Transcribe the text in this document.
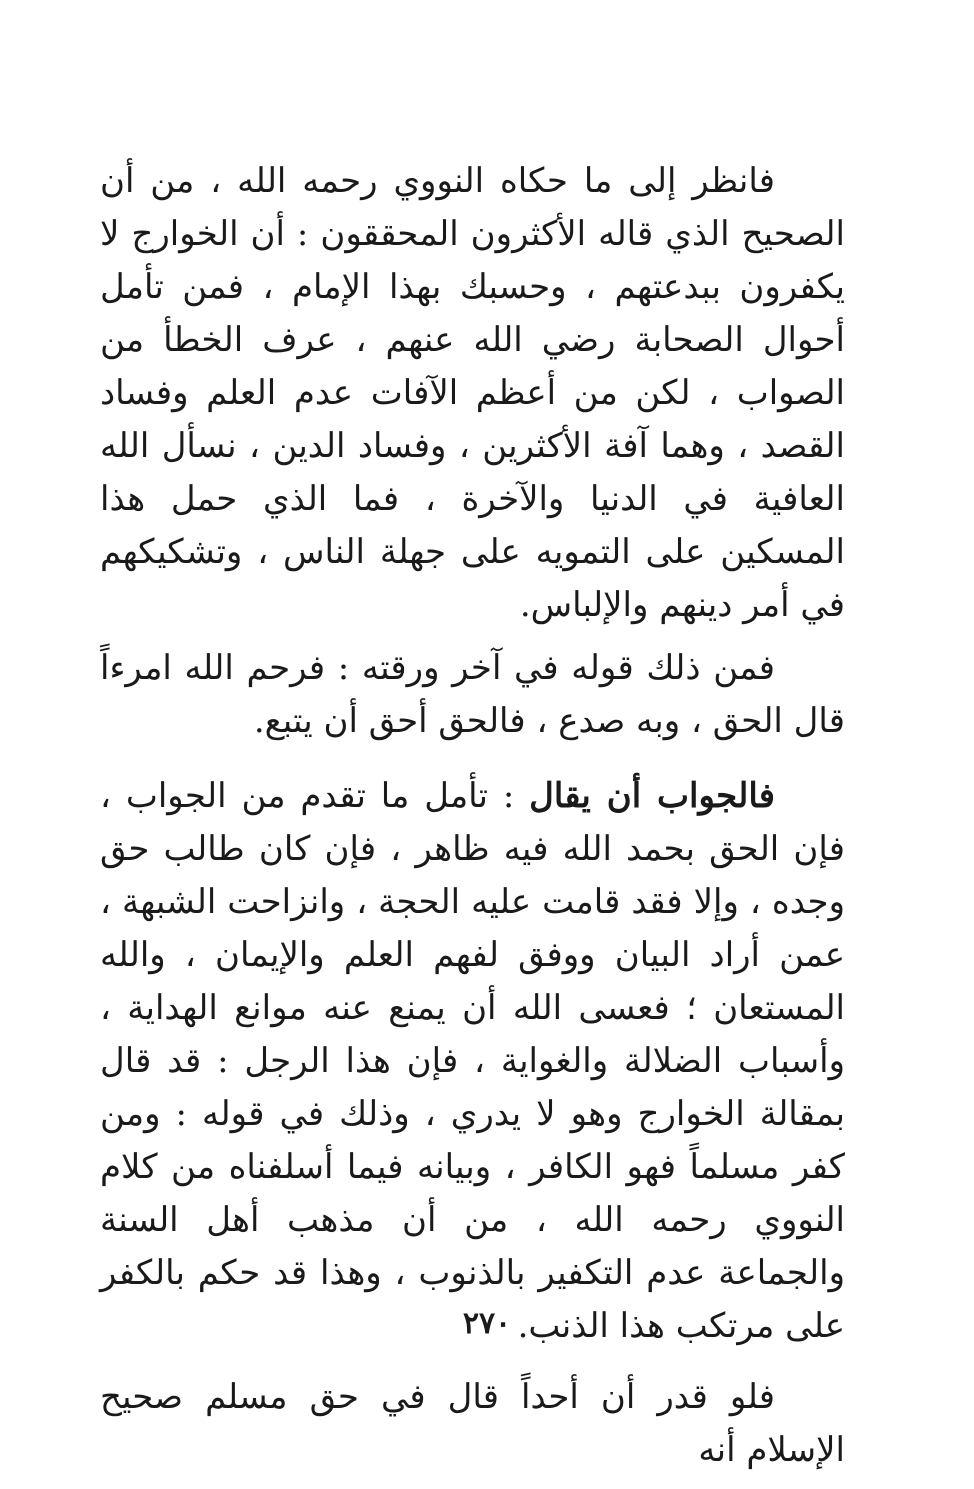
فانظر إلى ما حكاه النووي رحمه الله ، من أن الصحيح الذي قاله الأكثرون المحققون : أن الخوارج لا يكفرون ببدعتهم ، وحسبك بهذا الإمام ، فمن تأمل أحوال الصحابة رضي الله عنهم ، عرف الخطأ من الصواب ، لكن من أعظم الآفات عدم العلم وفساد القصد ، وهما آفة الأكثرين ، وفساد الدين ، نسأل الله العافية في الدنيا والآخرة ، فما الذي حمل هذا المسكين على التمويه على جهلة الناس ، وتشكيكهم في أمر دينهم والإلباس.

فمن ذلك قوله في آخر ورقته : فرحم الله امرءاً قال الحق ، وبه صدع ، فالحق أحق أن يتبع.

فالجواب أن يقال : تأمل ما تقدم من الجواب ، فإن الحق بحمد الله فيه ظاهر ، فإن كان طالب حق وجده ، وإلا فقد قامت عليه الحجة ، وانزاحت الشبهة ، عمن أراد البيان ووفق لفهم العلم والإيمان ، والله المستعان ؛ فعسى الله أن يمنع عنه موانع الهداية ، وأسباب الضلالة والغواية ، فإن هذا الرجل : قد قال بمقالة الخوارج وهو لا يدري ، وذلك في قوله : ومن كفر مسلماً فهو الكافر ، وبيانه فيما أسلفناه من كلام النووي رحمه الله ، من أن مذهب أهل السنة والجماعة عدم التكفير بالذنوب ، وهذا قد حكم بالكفر على مرتكب هذا الذنب.

فلو قدر أن أحداً قال في حق مسلم صحيح الإسلام أنه

٢٧٠
